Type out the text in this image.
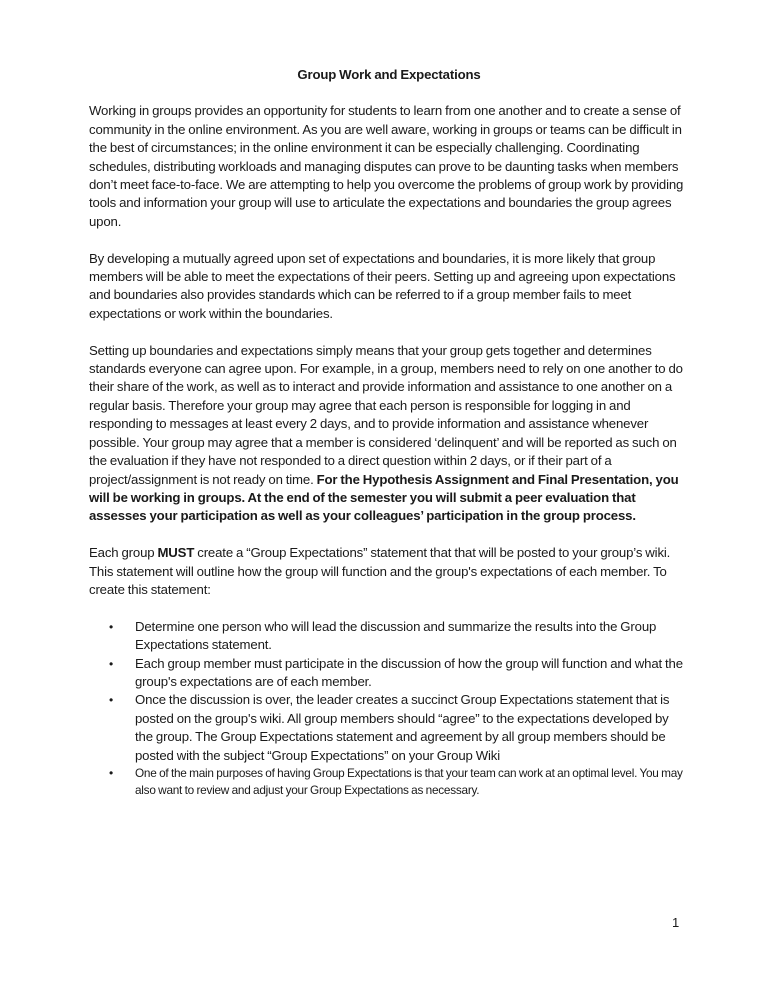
Group Work and Expectations

Working in groups provides an opportunity for students to learn from one another and to create a sense of community in the online environment. As you are well aware, working in groups or teams can be difficult in the best of circumstances; in the online environment it can be especially challenging. Coordinating schedules, distributing workloads and managing disputes can prove to be daunting tasks when members don’t meet face-to-face. We are attempting to help you overcome the problems of group work by providing tools and information your group will use to articulate the expectations and boundaries the group agrees upon.

By developing a mutually agreed upon set of expectations and boundaries, it is more likely that group members will be able to meet the expectations of their peers. Setting up and agreeing upon expectations and boundaries also provides standards which can be referred to if a group member fails to meet expectations or work within the boundaries.

Setting up boundaries and expectations simply means that your group gets together and determines standards everyone can agree upon. For example, in a group, members need to rely on one another to do their share of the work, as well as to interact and provide information and assistance to one another on a regular basis. Therefore your group may agree that each person is responsible for logging in and responding to messages at least every 2 days, and to provide information and assistance whenever possible. Your group may agree that a member is considered ‘delinquent’ and will be reported as such on the evaluation if they have not responded to a direct question within 2 days, or if their part of a project/assignment is not ready on time. For the Hypothesis Assignment and Final Presentation, you will be working in groups. At the end of the semester you will submit a peer evaluation that assesses your participation as well as your colleagues’ participation in the group process.

Each group MUST create a “Group Expectations” statement that that will be posted to your group’s wiki. This statement will outline how the group will function and the group's expectations of each member. To create this statement:

• Determine one person who will lead the discussion and summarize the results into the Group Expectations statement.
• Each group member must participate in the discussion of how the group will function and what the group's expectations are of each member.
• Once the discussion is over, the leader creates a succinct Group Expectations statement that is posted on the group's wiki. All group members should “agree” to the expectations developed by the group. The Group Expectations statement and agreement by all group members should be posted with the subject “Group Expectations” on your Group Wiki
• One of the main purposes of having Group Expectations is that your team can work at an optimal level. You may also want to review and adjust your Group Expectations as necessary.
1
